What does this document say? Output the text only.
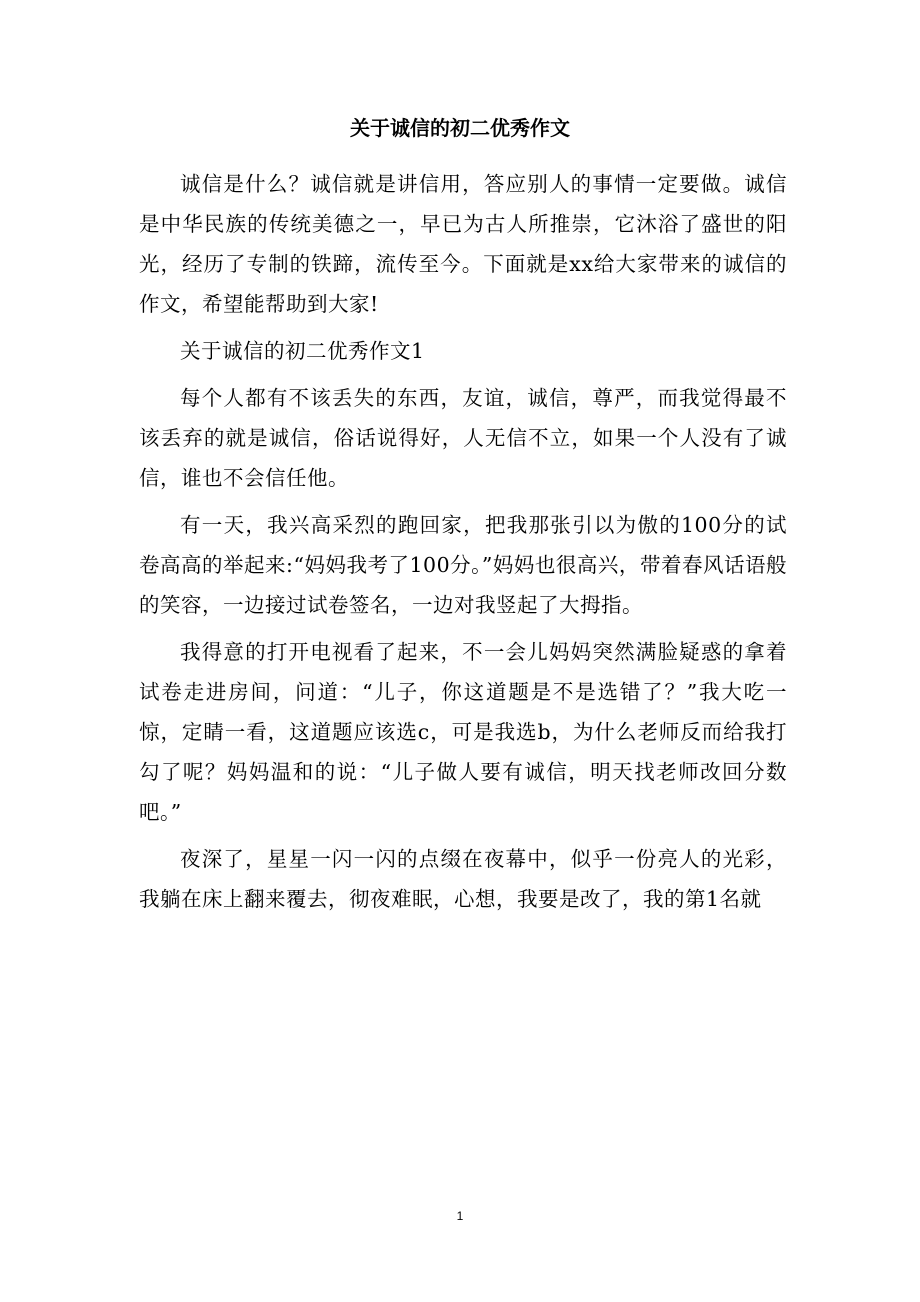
关于诚信的初二优秀作文

诚信是什么？诚信就是讲信用，答应别人的事情一定要做。诚信是中华民族的传统美德之一，早已为古人所推崇，它沐浴了盛世的阳光，经历了专制的铁蹄，流传至今。下面就是xx给大家带来的诚信的作文，希望能帮助到大家!

关于诚信的初二优秀作文1

每个人都有不该丢失的东西，友谊，诚信，尊严，而我觉得最不该丢弃的就是诚信，俗话说得好，人无信不立，如果一个人没有了诚信，谁也不会信任他。

有一天，我兴高采烈的跑回家，把我那张引以为傲的100分的试卷高高的举起来:“妈妈我考了100分。”妈妈也很高兴，带着春风话语般的笑容，一边接过试卷签名，一边对我竖起了大拇指。

我得意的打开电视看了起来，不一会儿妈妈突然满脸疑惑的拿着试卷走进房间，问道：“儿子，你这道题是不是选错了？”我大吃一惊，定睛一看，这道题应该选c，可是我选b，为什么老师反而给我打勾了呢？妈妈温和的说：“儿子做人要有诚信，明天找老师改回分数吧。”

夜深了，星星一闪一闪的点缀在夜幕中，似乎一份亮人的光彩，我躺在床上翻来覆去，彻夜难眠，心想，我要是改了，我的第1名就

1
